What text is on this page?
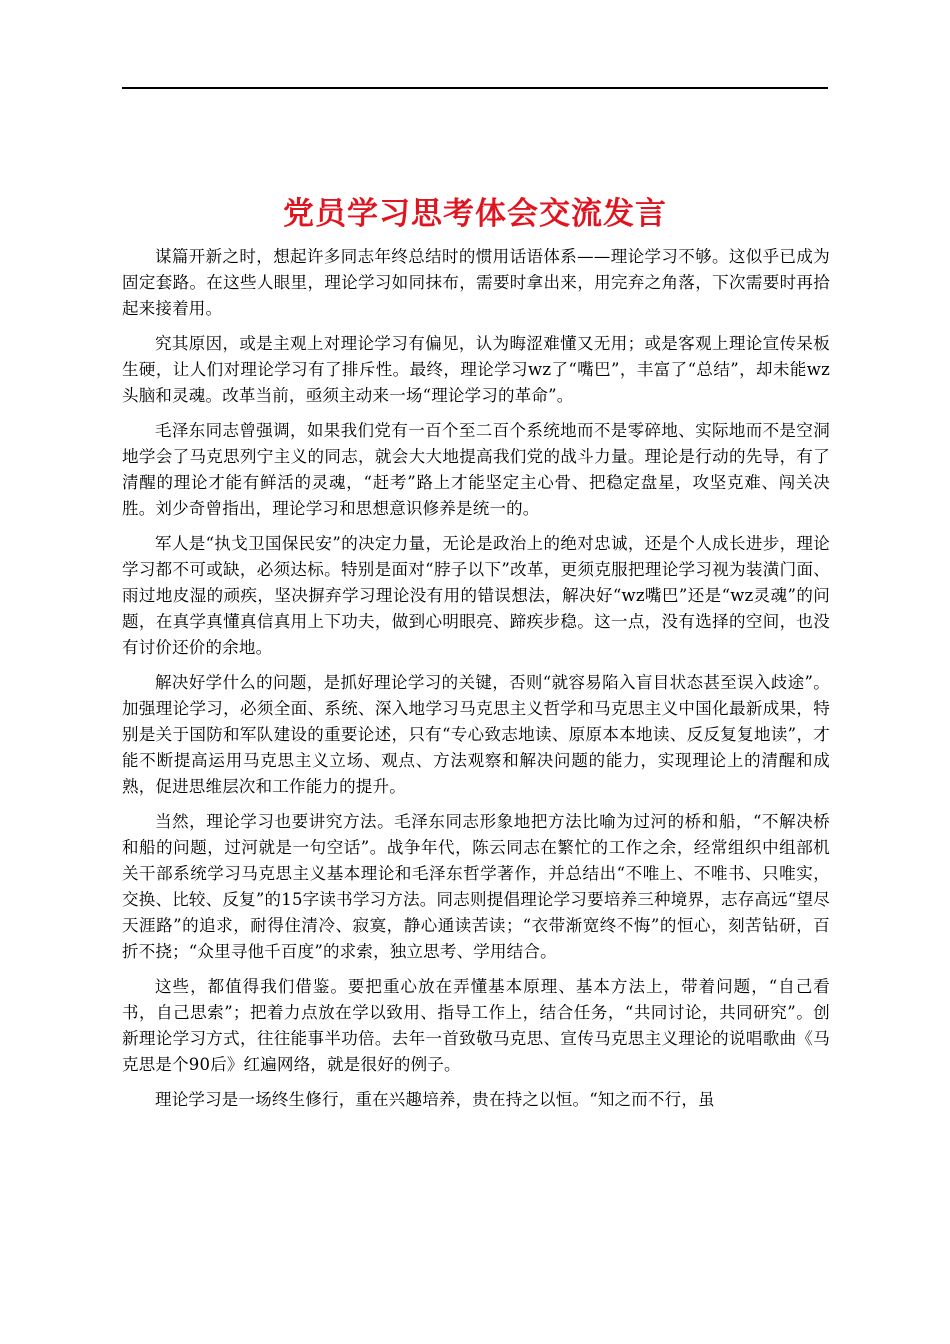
党员学习思考体会交流发言

谋篇开新之时，想起许多同志年终总结时的惯用话语体系——理论学习不够。这似乎已成为固定套路。在这些人眼里，理论学习如同抹布，需要时拿出来，用完弃之角落，下次需要时再拾起来接着用。

究其原因，或是主观上对理论学习有偏见，认为晦涩难懂又无用；或是客观上理论宣传呆板生硬，让人们对理论学习有了排斥性。最终，理论学习wz了“嘴巴”，丰富了“总结”，却未能wz头脑和灵魂。改革当前，亟须主动来一场“理论学习的革命”。

毛泽东同志曾强调，如果我们党有一百个至二百个系统地而不是零碎地、实际地而不是空洞地学会了马克思列宁主义的同志，就会大大地提高我们党的战斗力量。理论是行动的先导，有了清醒的理论才能有鲜活的灵魂，“赶考”路上才能坚定主心骨、把稳定盘星，攻坚克难、闯关决胜。刘少奇曾指出，理论学习和思想意识修养是统一的。

军人是“执戈卫国保民安”的决定力量，无论是政治上的绝对忠诚，还是个人成长进步，理论学习都不可或缺，必须达标。特别是面对“脖子以下”改革，更须克服把理论学习视为装潢门面、雨过地皮湿的顽疾，坚决摒弃学习理论没有用的错误想法，解决好“wz嘴巴”还是“wz灵魂”的问题，在真学真懂真信真用上下功夫，做到心明眼亮、蹄疾步稳。这一点，没有选择的空间，也没有讨价还价的余地。

解决好学什么的问题，是抓好理论学习的关键，否则“就容易陷入盲目状态甚至误入歧途”。加强理论学习，必须全面、系统、深入地学习马克思主义哲学和马克思主义中国化最新成果，特别是关于国防和军队建设的重要论述，只有“专心致志地读、原原本本地读、反反复复地读”，才能不断提高运用马克思主义立场、观点、方法观察和解决问题的能力，实现理论上的清醒和成熟，促进思维层次和工作能力的提升。

当然，理论学习也要讲究方法。毛泽东同志形象地把方法比喻为过河的桥和船，“不解决桥和船的问题，过河就是一句空话”。战争年代，陈云同志在繁忙的工作之余，经常组织中组部机关干部系统学习马克思主义基本理论和毛泽东哲学著作，并总结出“不唯上、不唯书、只唯实，交换、比较、反复”的15字读书学习方法。同志则提倡理论学习要培养三种境界，志存高远“望尽天涯路”的追求，耐得住清冷、寂寞，静心通读苦读；“衣带渐宽终不悔”的恒心，刻苦钻研，百折不挠；“众里寻他千百度”的求索，独立思考、学用结合。

这些，都值得我们借鉴。要把重心放在弄懂基本原理、基本方法上，带着问题，“自己看书，自己思索”；把着力点放在学以致用、指导工作上，结合任务，“共同讨论，共同研究”。创新理论学习方式，往往能事半功倍。去年一首致敬马克思、宣传马克思主义理论的说唱歌曲《马克思是个90后》红遍网络，就是很好的例子。

理论学习是一场终生修行，重在兴趣培养，贵在持之以恒。“知之而不行，虽
